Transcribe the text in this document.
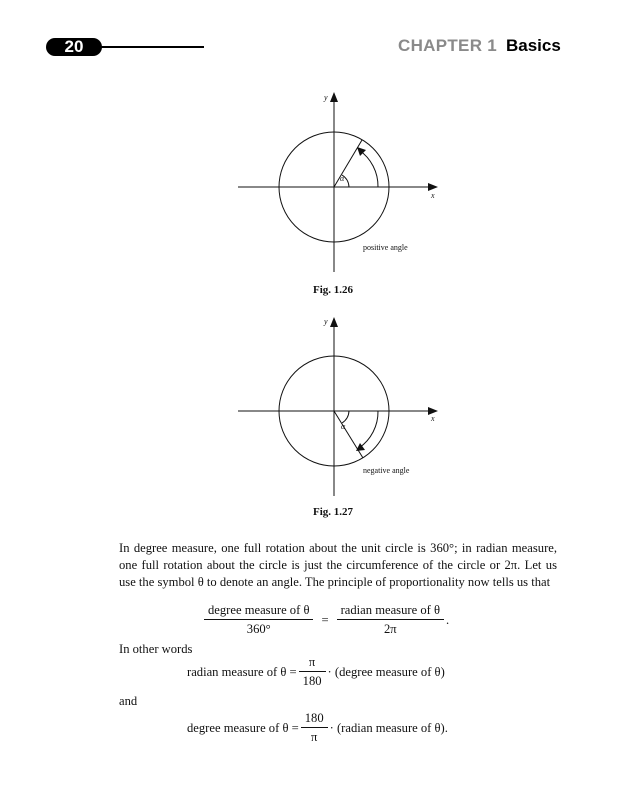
20	CHAPTER 1 Basics
y
x
α
positive angle
Fig. 1.26
y
x
α
negative angle
Fig. 1.27
In degree measure, one full rotation about the unit circle is 360°; in radian measure, one full rotation about the circle is just the circumference of the circle or 2π. Let us use the symbol θ to denote an angle. The principle of proportionality now tells us that
$\frac{\text{degree measure of θ}}{360^\circ} = \frac{\text{radian measure of θ}}{2\pi}$ .
In other words
radian measure of $\theta = \frac{\pi}{180}$ · (degree measure of θ)
and
degree measure of $\theta = \frac{180}{\pi}$ · (radian measure of θ).
